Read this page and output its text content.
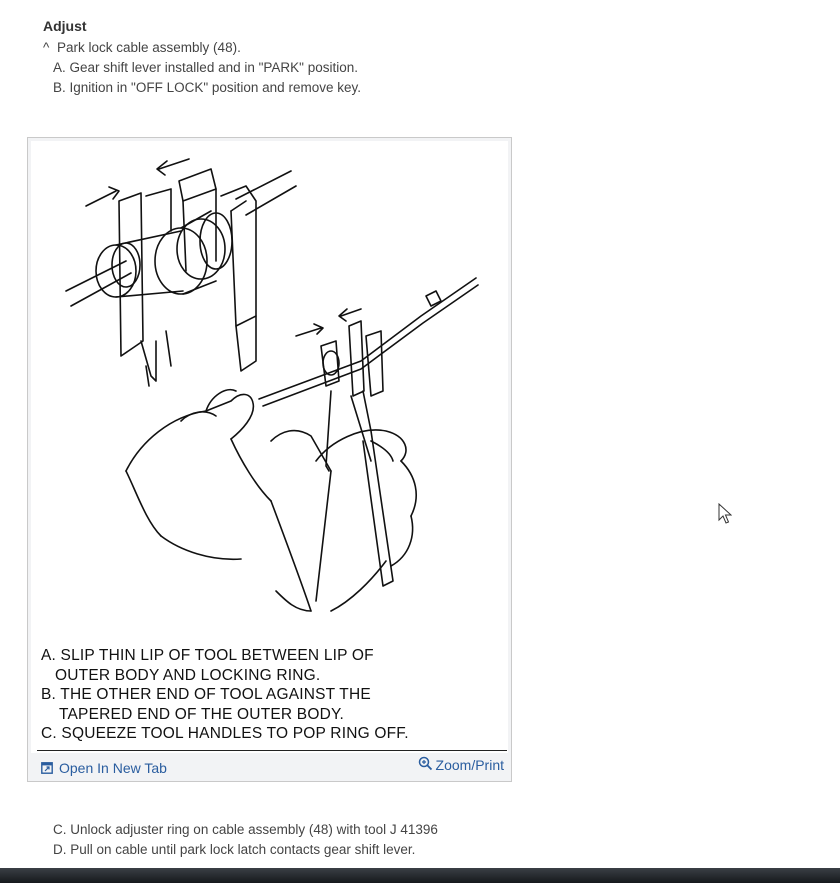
Adjust
^ Park lock cable assembly (48).
A. Gear shift lever installed and in "PARK" position.
B. Ignition in "OFF LOCK" position and remove key.
A. SLIP THIN LIP OF TOOL BETWEEN LIP OF
OUTER BODY AND LOCKING RING.
B. THE OTHER END OF TOOL AGAINST THE
TAPERED END OF THE OUTER BODY.
C. SQUEEZE TOOL HANDLES TO POP RING OFF.
Open In New Tab	Zoom/Print
C. Unlock adjuster ring on cable assembly (48) with tool J 41396
D. Pull on cable until park lock latch contacts gear shift lever.
